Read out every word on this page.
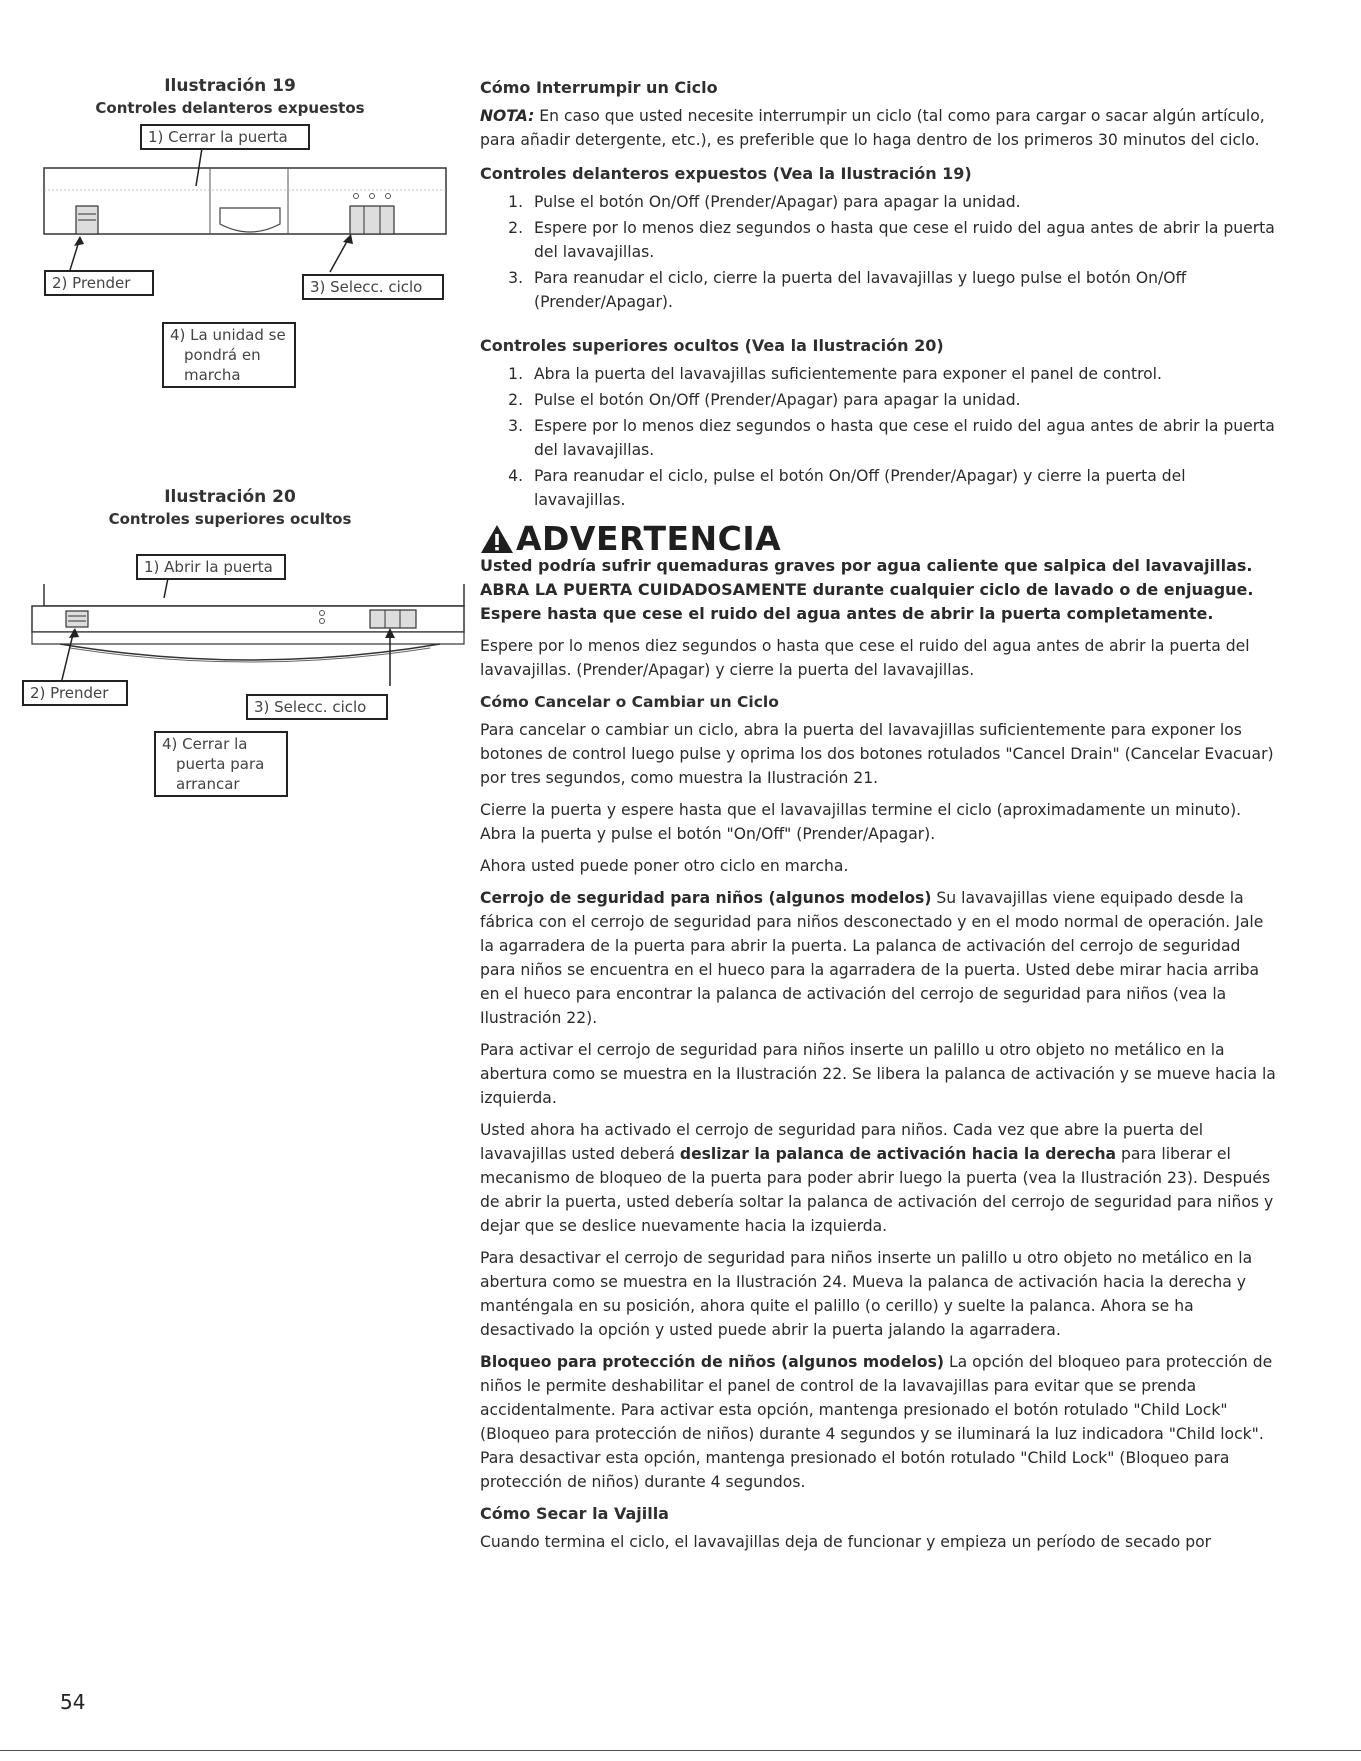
Ilustración 19
Controles delanteros expuestos
1) Cerrar la puerta
2) Prender	3) Selecc. ciclo
4) La unidad se pondrá en marcha
Ilustración 20
Controles superiores ocultos
1) Abrir la puerta
2) Prender
3) Selecc. ciclo
4) Cerrar la puerta para arrancar
Cómo Interrumpir un Ciclo

NOTA: En caso que usted necesite interrumpir un ciclo (tal como para cargar o sacar algún artículo, para añadir detergente, etc.), es preferible que lo haga dentro de los primeros 30 minutos del ciclo.

Controles delanteros expuestos (Vea la Ilustración 19)
1. Pulse el botón On/Off (Prender/Apagar) para apagar la unidad.
2. Espere por lo menos diez segundos o hasta que cese el ruido del agua antes de abrir la puerta del lavavajillas.
3. Para reanudar el ciclo, cierre la puerta del lavavajillas y luego pulse el botón On/Off (Prender/Apagar).
Controles superiores ocultos (Vea la Ilustración 20)
1. Abra la puerta del lavavajillas suficientemente para exponer el panel de control.
2. Pulse el botón On/Off (Prender/Apagar) para apagar la unidad.
3. Espere por lo menos diez segundos o hasta que cese el ruido del agua antes de abrir la puerta del lavavajillas.
4. Para reanudar el ciclo, pulse el botón On/Off (Prender/Apagar) y cierre la puerta del lavavajillas.
ADVERTENCIA

Usted podría sufrir quemaduras graves por agua caliente que salpica del lavavajillas. ABRA LA PUERTA CUIDADOSAMENTE durante cualquier ciclo de lavado o de enjuague. Espere hasta que cese el ruido del agua antes de abrir la puerta completamente.

Espere por lo menos diez segundos o hasta que cese el ruido del agua antes de abrir la puerta del lavavajillas. (Prender/Apagar) y cierre la puerta del lavavajillas.

Cómo Cancelar o Cambiar un Ciclo

Para cancelar o cambiar un ciclo, abra la puerta del lavavajillas suficientemente para exponer los botones de control luego pulse y oprima los dos botones rotulados "Cancel Drain" (Cancelar Evacuar) por tres segundos, como muestra la Ilustración 21.

Cierre la puerta y espere hasta que el lavavajillas termine el ciclo (aproximadamente un minuto). Abra la puerta y pulse el botón "On/Off" (Prender/Apagar).

Ahora usted puede poner otro ciclo en marcha.

Cerrojo de seguridad para niños (algunos modelos) Su lavavajillas viene equipado desde la fábrica con el cerrojo de seguridad para niños desconectado y en el modo normal de operación. Jale la agarradera de la puerta para abrir la puerta. La palanca de activación del cerrojo de seguridad para niños se encuentra en el hueco para la agarradera de la puerta. Usted debe mirar hacia arriba en el hueco para encontrar la palanca de activación del cerrojo de seguridad para niños (vea la Ilustración 22).

Para activar el cerrojo de seguridad para niños inserte un palillo u otro objeto no metálico en la abertura como se muestra en la Ilustración 22. Se libera la palanca de activación y se mueve hacia la izquierda.

Usted ahora ha activado el cerrojo de seguridad para niños. Cada vez que abre la puerta del lavavajillas usted deberá deslizar la palanca de activación hacia la derecha para liberar el mecanismo de bloqueo de la puerta para poder abrir luego la puerta (vea la Ilustración 23). Después de abrir la puerta, usted debería soltar la palanca de activación del cerrojo de seguridad para niños y dejar que se deslice nuevamente hacia la izquierda.

Para desactivar el cerrojo de seguridad para niños inserte un palillo u otro objeto no metálico en la abertura como se muestra en la Ilustración 24. Mueva la palanca de activación hacia la derecha y manténgala en su posición, ahora quite el palillo (o cerillo) y suelte la palanca. Ahora se ha desactivado la opción y usted puede abrir la puerta jalando la agarradera.

Bloqueo para protección de niños (algunos modelos) La opción del bloqueo para protección de niños le permite deshabilitar el panel de control de la lavavajillas para evitar que se prenda accidentalmente. Para activar esta opción, mantenga presionado el botón rotulado "Child Lock" (Bloqueo para protección de niños) durante 4 segundos y se iluminará la luz indicadora "Child lock". Para desactivar esta opción, mantenga presionado el botón rotulado "Child Lock" (Bloqueo para protección de niños) durante 4 segundos.

Cómo Secar la Vajilla

Cuando termina el ciclo, el lavavajillas deja de funcionar y empieza un período de secado por

54
